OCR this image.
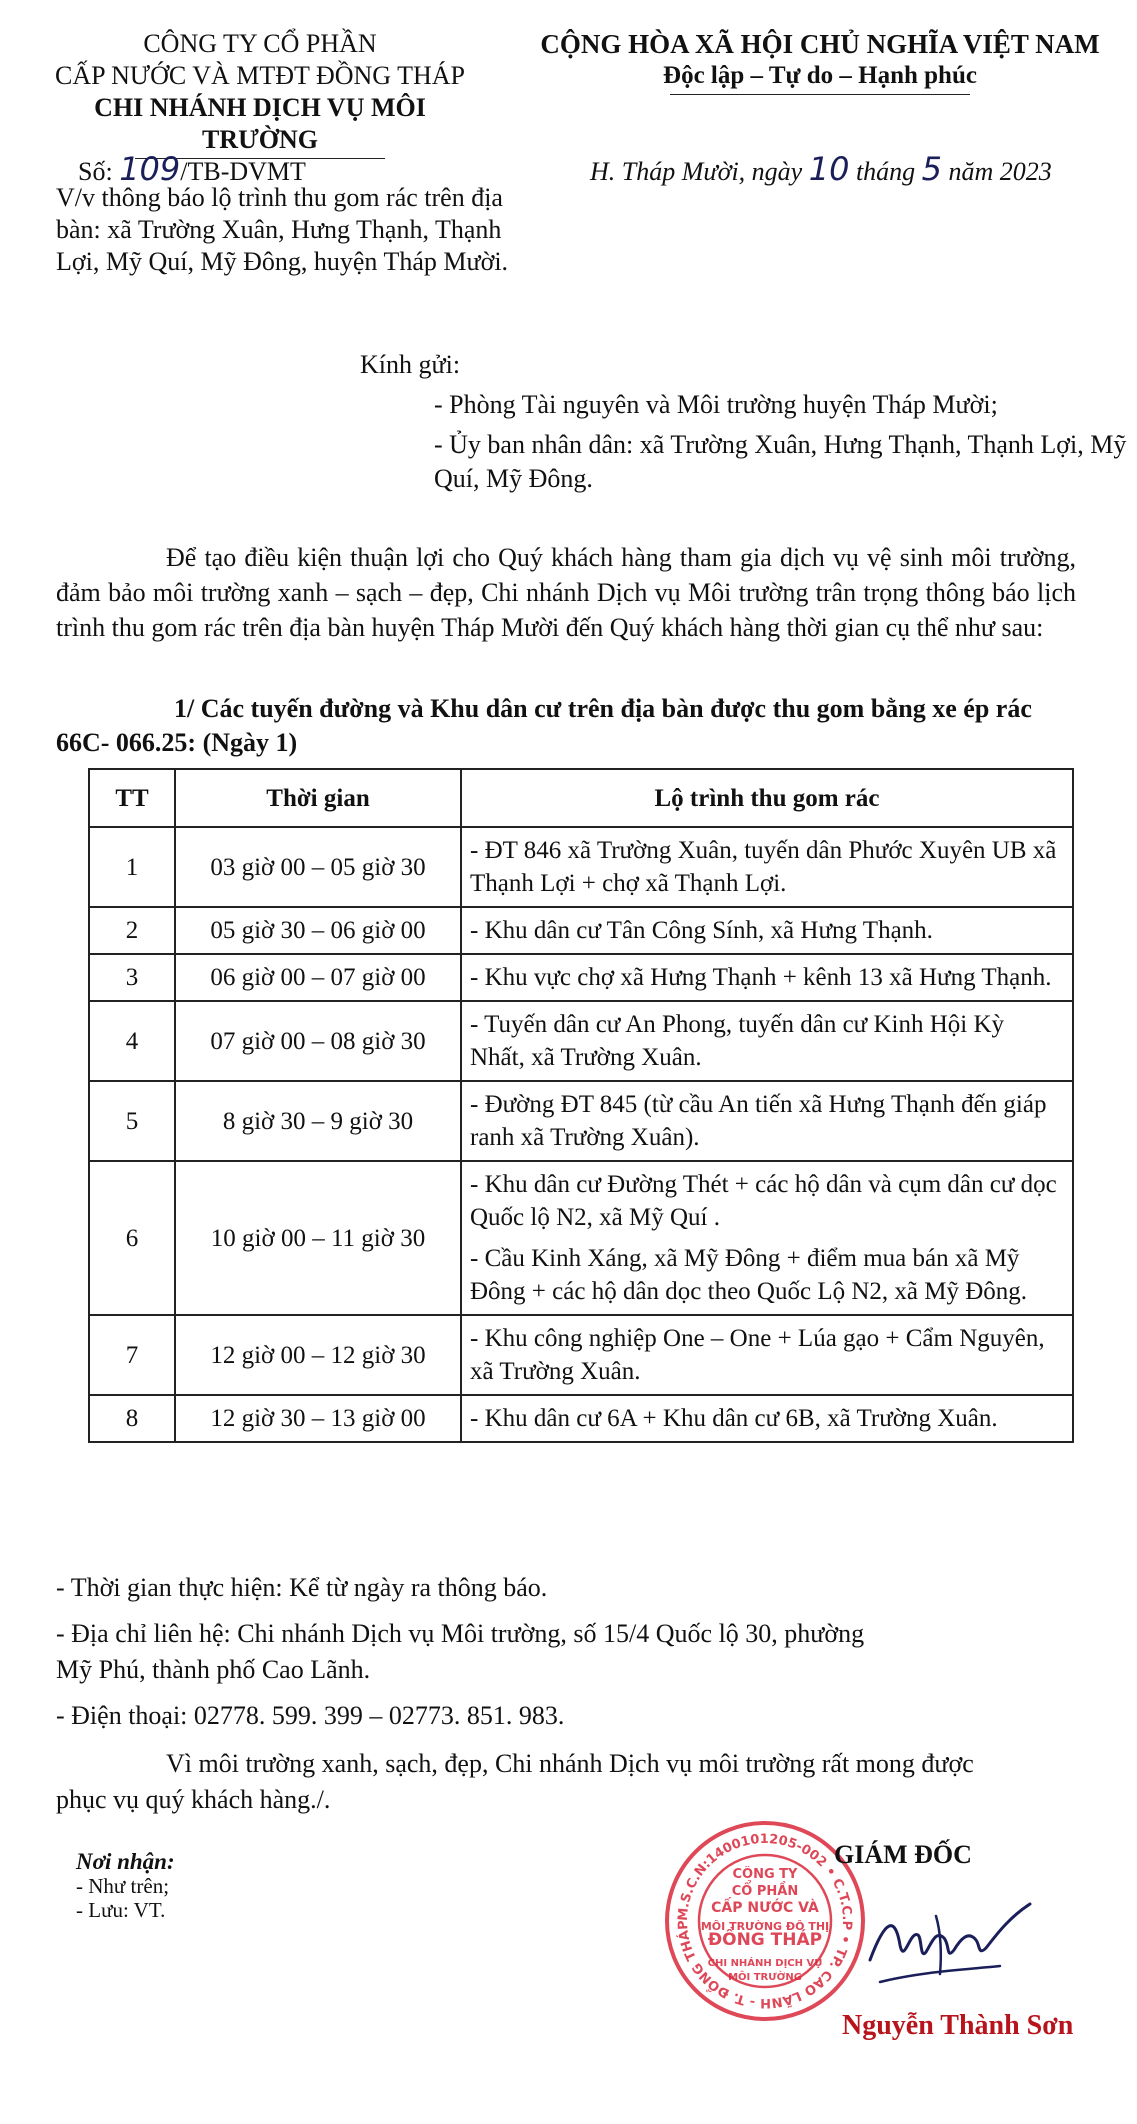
CÔNG TY CỔ PHẦN
CẤP NƯỚC VÀ MTĐT ĐỒNG THÁP
CHI NHÁNH DỊCH VỤ MÔI TRƯỜNG
CỘNG HÒA XÃ HỘI CHỦ NGHĨA VIỆT NAM
Độc lập – Tự do – Hạnh phúc
Số: 109/TB-DVMT	H. Tháp Mười, ngày 10 tháng 5 năm 2023
V/v thông báo lộ trình thu gom rác trên địa bàn: xã Trường Xuân, Hưng Thạnh, Thạnh Lợi, Mỹ Quí, Mỹ Đông, huyện Tháp Mười.
Kính gửi:
- Phòng Tài nguyên và Môi trường huyện Tháp Mười;
- Ủy ban nhân dân: xã Trường Xuân, Hưng Thạnh, Thạnh Lợi, Mỹ Quí, Mỹ Đông.
Để tạo điều kiện thuận lợi cho Quý khách hàng tham gia dịch vụ vệ sinh môi trường, đảm bảo môi trường xanh – sạch – đẹp, Chi nhánh Dịch vụ Môi trường trân trọng thông báo lịch trình thu gom rác trên địa bàn huyện Tháp Mười đến Quý khách hàng thời gian cụ thể như sau:
1/ Các tuyến đường và Khu dân cư trên địa bàn được thu gom bằng xe ép rác 66C- 066.25: (Ngày 1)
TT	Thời gian	Lộ trình thu gom rác
1	03 giờ 00 – 05 giờ 30	- ĐT 846 xã Trường Xuân, tuyến dân Phước Xuyên UB xã Thạnh Lợi + chợ xã Thạnh Lợi.

2	05 giờ 30 – 06 giờ 00	- Khu dân cư Tân Công Sính, xã Hưng Thạnh.

3	06 giờ 00 – 07 giờ 00	- Khu vực chợ xã Hưng Thạnh + kênh 13 xã Hưng Thạnh.

4	07 giờ 00 – 08 giờ 30	- Tuyến dân cư An Phong, tuyến dân cư Kinh Hội Kỳ Nhất, xã Trường Xuân.

5	8 giờ 30 – 9 giờ 30	- Đường ĐT 845 (từ cầu An tiến xã Hưng Thạnh đến giáp ranh xã Trường Xuân).

6	10 giờ 00 – 11 giờ 30	- Khu dân cư Đường Thét + các hộ dân và cụm dân cư dọc Quốc lộ N2, xã Mỹ Quí .
- Cầu Kinh Xáng, xã Mỹ Đông + điểm mua bán xã Mỹ Đông + các hộ dân dọc theo Quốc Lộ N2, xã Mỹ Đông.

7	12 giờ 00 – 12 giờ 30	- Khu công nghiệp One – One + Lúa gạo + Cẩm Nguyên, xã Trường Xuân.

8	12 giờ 30 – 13 giờ 00	- Khu dân cư 6A + Khu dân cư 6B, xã Trường Xuân.
- Thời gian thực hiện: Kể từ ngày ra thông báo.
- Địa chỉ liên hệ: Chi nhánh Dịch vụ Môi trường, số 15/4 Quốc lộ 30, phường
Mỹ Phú, thành phố Cao Lãnh.
- Điện thoại: 02778. 599. 399 – 02773. 851. 983.
Vì môi trường xanh, sạch, đẹp, Chi nhánh Dịch vụ môi trường rất mong được
phục vụ quý khách hàng./.
Nơi nhận:
- Như trên;
- Lưu: VT.	M.S.C.N:1400101205-002 • C.T.C.P • TP. CAO LÃNH - T. ĐỒNG THÁP
CÔNG TY
CỔ PHẦN
CẤP NƯỚC VÀ
MÔI TRƯỜNG ĐÔ THỊ
ĐỒNG THÁP
CHI NHÁNH DỊCH VỤ
MÔI TRƯỜNG
GIÁM ĐỐC
Nguyễn Thành Sơn
